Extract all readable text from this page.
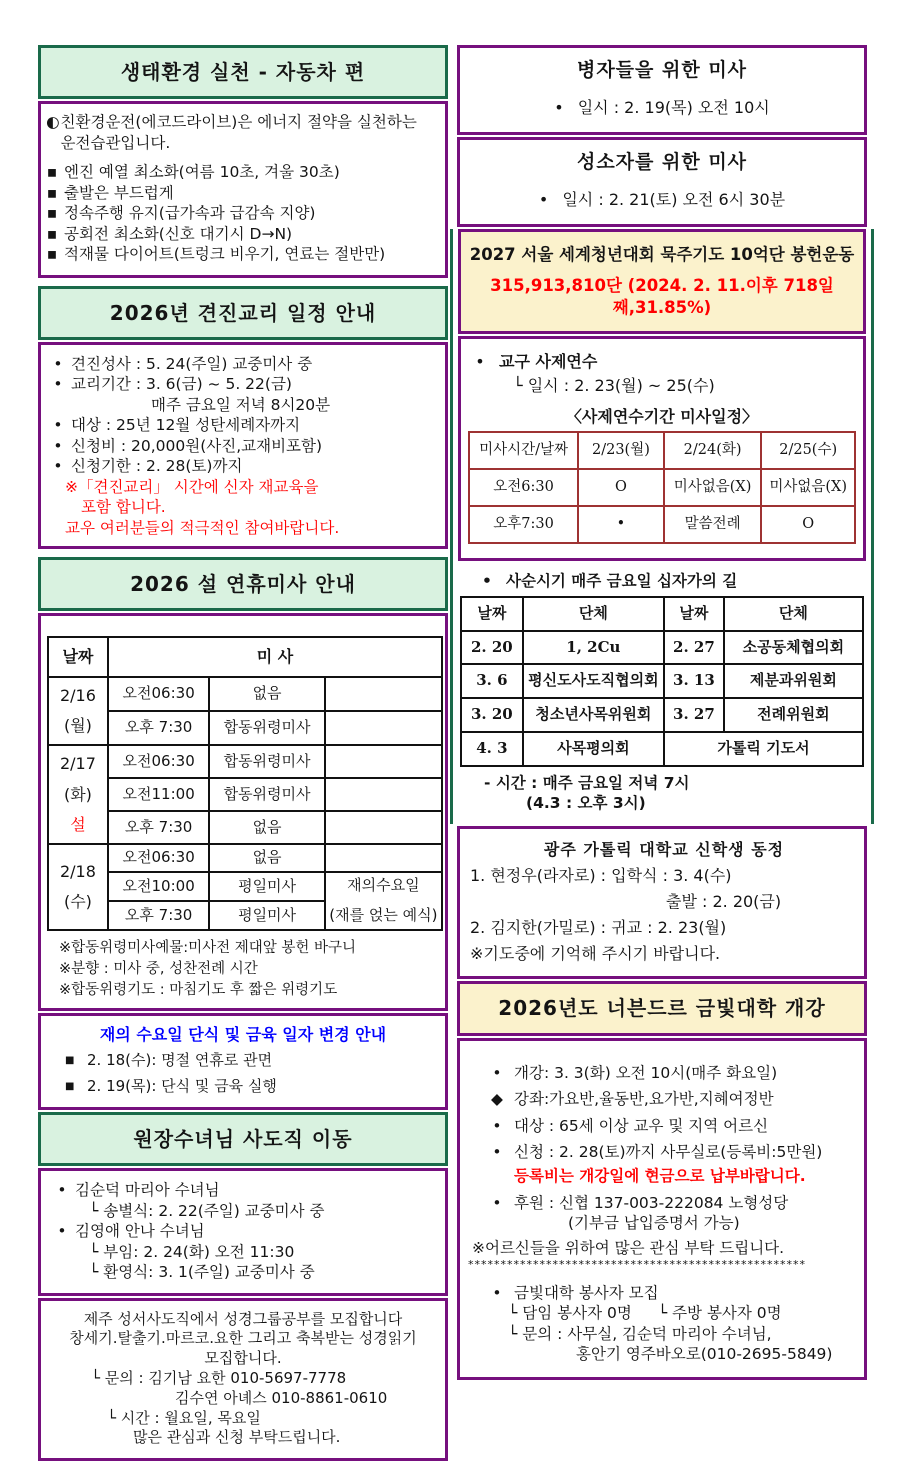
생태환경 실천 - 자동차 편
◐ 친환경운전(에코드라이브)은 에너지 절약을 실천하는
운전습관입니다.
▪ 엔진 예열 최소화(여름 10초, 겨울 30초)
▪ 출발은 부드럽게
▪ 정속주행 유지(급가속과 급감속 지양)
▪ 공회전 최소화(신호 대기시 D→N)
▪ 적재물 다이어트(트렁크 비우기, 연료는 절반만)
2026년 견진교리 일정 안내
• 견진성사 : 5. 24(주일) 교중미사 중
• 교리기간 : 3. 6(금) ~ 5. 22(금)
매주 금요일 저녁 8시20분
• 대상 : 25년 12월 성탄세례자까지
• 신청비 : 20,000원(사진,교재비포함)
• 신청기한 : 2. 28(토)까지
※「견진교리」 시간에 신자 재교육을
포함 합니다.
교우 여러분들의 적극적인 참여바랍니다.
2026 설 연휴미사 안내
날짜	미 사		

2/16
(월)	오전06:30	없음	
	오후 7:30	합동위령미사	

2/17
(화)
설	오전06:30	합동위령미사	
	오전11:00	합동위령미사	
	오후 7:30	없음	

2/18
(수)	오전06:30	없음	
	오전10:00	평일미사	재의수요일
(재를 얹는 예식)

	오후 7:30	평일미사	
※합동위령미사예물:미사전 제대앞 봉헌 바구니
※분향 : 미사 중, 성찬전례 시간
※합동위령기도 : 마침기도 후 짧은 위령기도
재의 수요일 단식 및 금육 일자 변경 안내
■ 2. 18(수): 명절 연휴로 관면
■ 2. 19(목): 단식 및 금육 실행
원장수녀님 사도직 이동
• 김순덕 마리아 수녀님
└ 송별식: 2. 22(주일) 교중미사 중
• 김영애 안나 수녀님
└ 부임: 2. 24(화) 오전 11:30
└ 환영식: 3. 1(주일) 교중미사 중
제주 성서사도직에서 성경그룹공부를 모집합니다
창세기.탈출기.마르코.요한 그리고 축복받는 성경읽기
모집합니다.
└ 문의 : 김기남 요한 010-5697-7778
김수연 아녜스 010-8861-0610
└ 시간 : 월요일, 목요일
많은 관심과 신청 부탁드립니다.
병자들을 위한 미사
• 일시 : 2. 19(목) 오전 10시
성소자를 위한 미사
• 일시 : 2. 21(토) 오전 6시 30분
2027 서울 세계청년대회 묵주기도 10억단 봉헌운동
315,913,810단 (2024. 2. 11.이후 718일째,31.85%)
• 교구 사제연수
└ 일시 : 2. 23(월) ~ 25(수)
〈사제연수기간 미사일정〉
미사시간/날짜	2/23(월)	2/24(화)	2/25(수)
오전6:30	O	미사없음(X)	미사없음(X)
오후7:30	•	말씀전례	O
• 사순시기 매주 금요일 십자가의 길
날짜	단체	날짜	단체
2. 20	1, 2Cu	2. 27	소공동체협의회
3. 6	평신도사도직협의회	3. 13	제분과위원회
3. 20	청소년사목위원회	3. 27	전례위원회
4. 3	사목평의회	가톨릭 기도서	
- 시간 : 매주 금요일 저녁 7시
(4.3 : 오후 3시)
광주 가톨릭 대학교 신학생 동정
1. 현정우(라자로) : 입학식 : 3. 4(수)
출발 : 2. 20(금)
2. 김지한(가밀로) : 귀교 : 2. 23(월)
※기도중에 기억해 주시기 바랍니다.
2026년도 너븐드르 금빛대학 개강
• 개강: 3. 3(화) 오전 10시(매주 화요일)
◆ 강좌:가요반,율동반,요가반,지혜여정반
• 대상 : 65세 이상 교우 및 지역 어르신
• 신청 : 2. 28(토)까지 사무실로(등록비:5만원)
등록비는 개강일에 현금으로 납부바랍니다.
• 후원 : 신협 137-003-222084 노형성당
(기부금 납입증명서 가능)
※어르신들을 위하여 많은 관심 부탁 드립니다.
****************************************************
• 금빛대학 봉사자 모집
└ 담임 봉사자 0명 └ 주방 봉사자 0명
└ 문의 : 사무실, 김순덕 마리아 수녀님,
홍안기 영주바오로(010-2695-5849)
